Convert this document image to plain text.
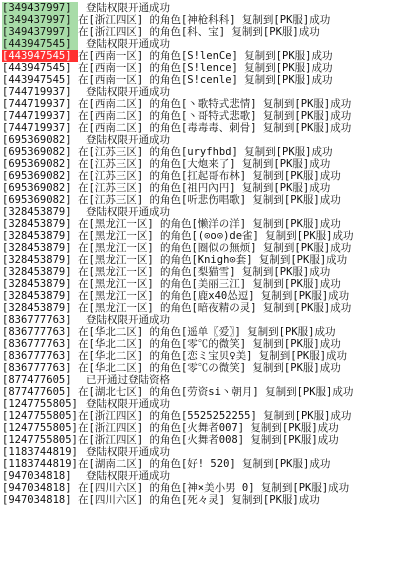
[349437997] 登陆权限开通成功
[349437997] 在[浙江四区] 的角色[神枪科科] 复制到[PK服]成功
[349437997] 在[浙江四区] 的角色[科、宝] 复制到[PK服]成功
[443947545] 登陆权限开通成功
[443947545] 在[西南一区] 的角色[S!lenCe] 复制到[PK服]成功
[443947545] 在[西南一区] 的角色[S!lence] 复制到[PK服]成功
[443947545] 在[西南一区] 的角色[S!cenle] 复制到[PK服]成功
[744719937] 登陆权限开通成功
[744719937] 在[西南二区] 的角色[丶歌特式悲情] 复制到[PK服]成功
[744719937] 在[西南二区] 的角色[丶哥特式悲歌] 复制到[PK服]成功
[744719937] 在[西南二区] 的角色[毒毒毒、刺骨] 复制到[PK服]成功
[695369082] 登陆权限开通成功
[695369082] 在[江苏三区] 的角色[uryfhbd] 复制到[PK服]成功
[695369082] 在[江苏三区] 的角色[大炮来了] 复制到[PK服]成功
[695369082] 在[江苏三区] 的角色[扛起哥布林] 复制到[PK服]成功
[695369082] 在[江苏三区] 的角色[祖円內円] 复制到[PK服]成功
[695369082] 在[江苏三区] 的角色[听悲伤唱歌] 复制到[PK服]成功
[328453879] 登陆权限开通成功
[328453879] 在[黑龙江一区] 的角色[懒洋の洋] 复制到[PK服]成功
[328453879] 在[黑龙江一区] 的角色[(⊙o⊙)de雀] 复制到[PK服]成功
[328453879] 在[黑龙江一区] 的角色[圈似の無烦] 复制到[PK服]成功
[328453879] 在[黑龙江一区] 的角色[Knigh⊙套] 复制到[PK服]成功
[328453879] 在[黑龙江一区] 的角色[梨猫雪] 复制到[PK服]成功
[328453879] 在[黑龙江一区] 的角色[美丽三江] 复制到[PK服]成功
[328453879] 在[黑龙江一区] 的角色[鹿x40怂逗] 复制到[PK服]成功
[328453879] 在[黑龙江一区] 的角色[暗夜精の灵] 复制到[PK服]成功
[836777763] 登陆权限开通成功
[836777763] 在[华北二区] 的角色[遥单〖爱〗] 复制到[PK服]成功
[836777763] 在[华北二区] 的角色[零℃的微笑] 复制到[PK服]成功
[836777763] 在[华北二区] 的角色[恋ミ宝贝♀美] 复制到[PK服]成功
[836777763] 在[华北二区] 的角色[零℃の微笑] 复制到[PK服]成功
[877477605] 已开通过登陆资格
[877477605] 在[湖北七区] 的角色[劳资si丶朝月] 复制到[PK服]成功
[1247755805] 登陆权限开通成功
[1247755805]在[浙江四区] 的角色[5525252255] 复制到[PK服]成功
[1247755805]在[浙江四区] 的角色[火舞者007] 复制到[PK服]成功
[1247755805]在[浙江四区] 的角色[火舞者008] 复制到[PK服]成功
[1183744819] 登陆权限开通成功
[1183744819]在[湖南二区] 的角色[好! 520] 复制到[PK服]成功
[947034818] 登陆权限开通成功
[947034818] 在[四川六区] 的角色[神×美小男 0] 复制到[PK服]成功
[947034818] 在[四川六区] 的角色[死々灵] 复制到[PK服]成功
